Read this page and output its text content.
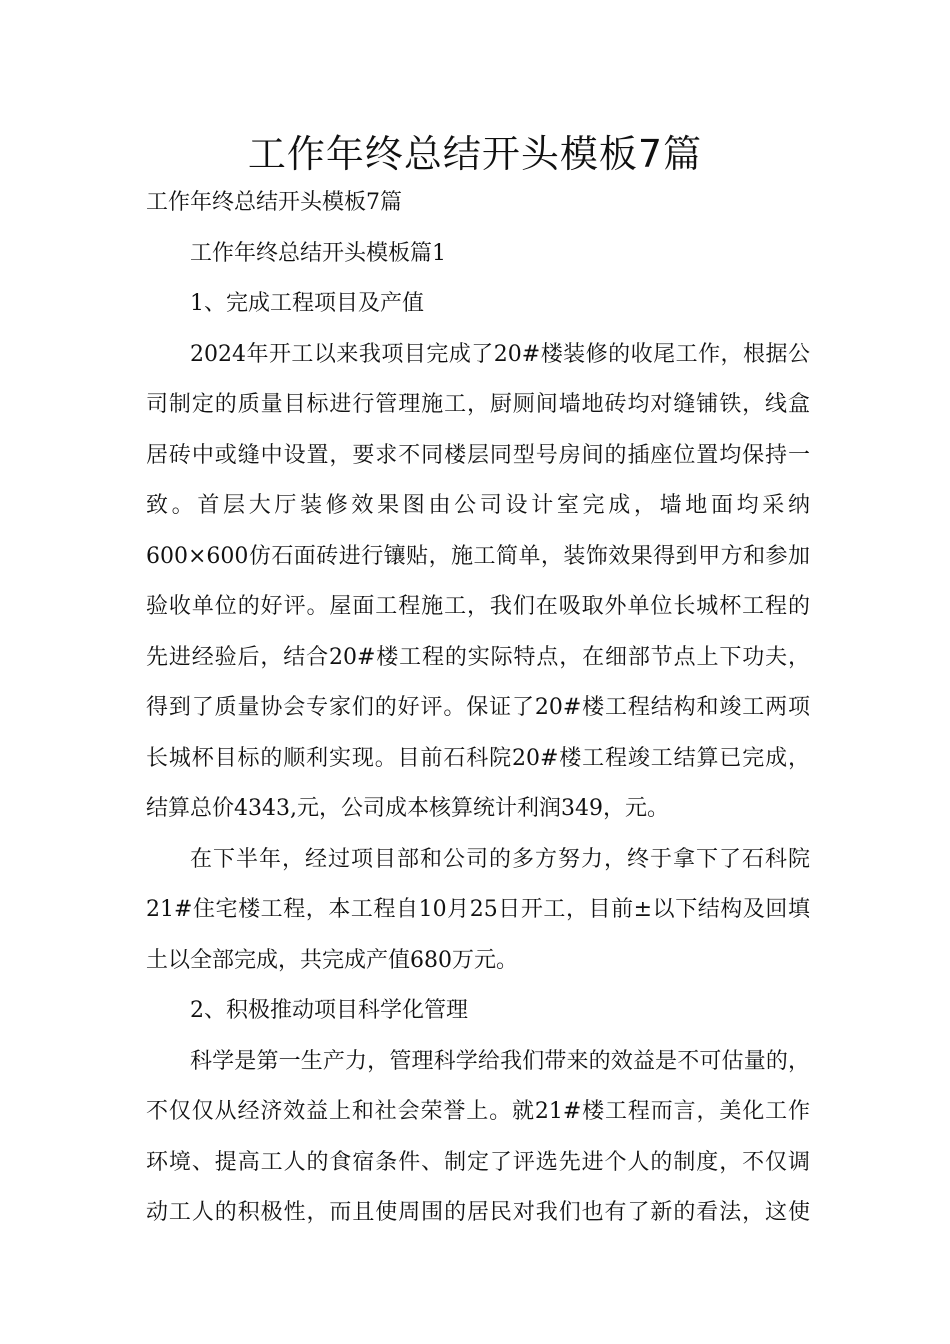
工作年终总结开头模板7篇
工作年终总结开头模板7篇
工作年终总结开头模板篇1
1、完成工程项目及产值
2024年开工以来我项目完成了20#楼装修的收尾工作，根据公
司制定的质量目标进行管理施工，厨厕间墙地砖均对缝铺铁，线盒
居砖中或缝中设置，要求不同楼层同型号房间的插座位置均保持一
致。首层大厅装修效果图由公司设计室完成，墙地面均采纳
600×600仿石面砖进行镶贴，施工简单，装饰效果得到甲方和参加
验收单位的好评。屋面工程施工，我们在吸取外单位长城杯工程的
先进经验后，结合20#楼工程的实际特点，在细部节点上下功夫，
得到了质量协会专家们的好评。保证了20#楼工程结构和竣工两项
长城杯目标的顺利实现。目前石科院20#楼工程竣工结算已完成，
结算总价4343,元，公司成本核算统计利润349，元。
在下半年，经过项目部和公司的多方努力，终于拿下了石科院
21#住宅楼工程，本工程自10月25日开工，目前±以下结构及回填
土以全部完成，共完成产值680万元。
2、积极推动项目科学化管理
科学是第一生产力，管理科学给我们带来的效益是不可估量的，
不仅仅从经济效益上和社会荣誉上。就21#楼工程而言，美化工作
环境、提高工人的食宿条件、制定了评选先进个人的制度，不仅调
动工人的积极性，而且使周围的居民对我们也有了新的看法，这使
